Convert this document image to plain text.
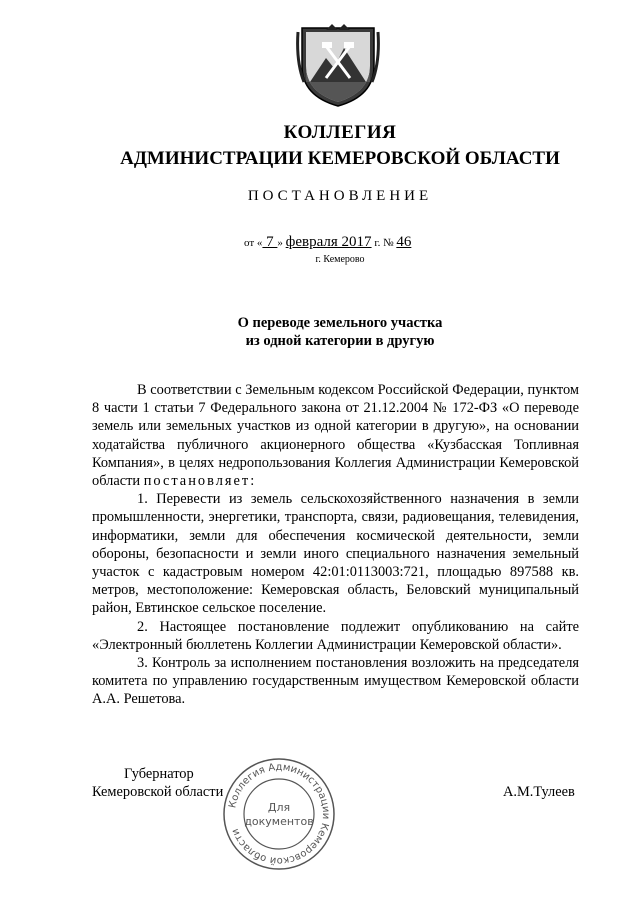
КОЛЛЕГИЯ
АДМИНИСТРАЦИИ КЕМЕРОВСКОЙ ОБЛАСТИ
ПОСТАНОВЛЕНИЕ
от « 7 » февраля 2017 г. № 46
г. Кемерово
О переводе земельного участка
из одной категории в другую

В соответствии с Земельным кодексом Российской Федерации, пунктом 8 части 1 статьи 7 Федерального закона от 21.12.2004 № 172-ФЗ «О переводе земель или земельных участков из одной категории в другую», на основании ходатайства публичного акционерного общества «Кузбасская Топливная Компания», в целях недропользования Коллегия Администрации Кемеровской области постановляет:

1. Перевести из земель сельскохозяйственного назначения в земли промышленности, энергетики, транспорта, связи, радиовещания, телевидения, информатики, земли для обеспечения космической деятельности, земли обороны, безопасности и земли иного специального назначения земельный участок с кадастровым номером 42:01:0113003:721, площадью 897588 кв. метров, местоположение: Кемеровская область, Беловский муниципальный район, Евтинское сельское поселение.

2. Настоящее постановление подлежит опубликованию на сайте «Электронный бюллетень Коллегии Администрации Кемеровской области».

3. Контроль за исполнением постановления возложить на председателя комитета по управлению государственным имуществом Кемеровской области А.А. Решетова.

Коллегия Администрации Кемеровской области
Для
документов
Губернатор
Кемеровской области	А.М.Тулеев
